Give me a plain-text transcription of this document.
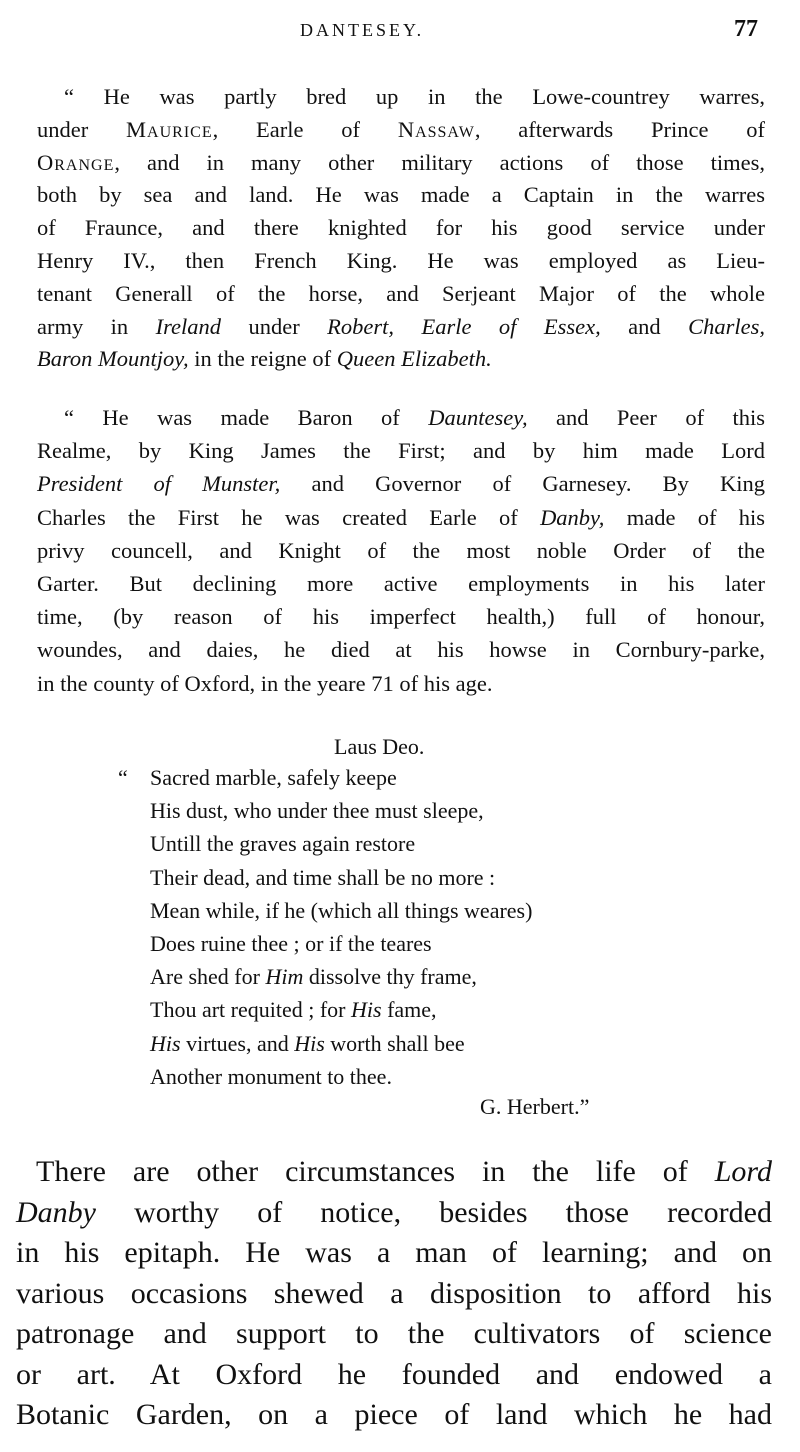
DANTESEY.	77
“ He was partly bred up in the Lowe-countrey warres,
under Maurice, Earle of Nassaw, afterwards Prince of
Orange, and in many other military actions of those times,
both by sea and land. He was made a Captain in the warres
of Fraunce, and there knighted for his good service under
Henry IV., then French King. He was employed as Lieu-
tenant Generall of the horse, and Serjeant Major of the whole
army in Ireland under Robert, Earle of Essex, and Charles,
Baron Mountjoy, in the reigne of Queen Elizabeth.
“ He was made Baron of Dauntesey, and Peer of this
Realme, by King James the First; and by him made Lord
President of Munster, and Governor of Garnesey. By King
Charles the First he was created Earle of Danby, made of his
privy councell, and Knight of the most noble Order of the
Garter. But declining more active employments in his later
time, (by reason of his imperfect health,) full of honour,
woundes, and daies, he died at his howse in Cornbury-parke,
in the county of Oxford, in the yeare 71 of his age.
Laus Deo.
“ Sacred marble, safely keepe
His dust, who under thee must sleepe,
Untill the graves again restore
Their dead, and time shall be no more :
Mean while, if he (which all things weares)
Does ruine thee ; or if the teares
Are shed for Him dissolve thy frame,
Thou art requited ; for His fame,
His virtues, and His worth shall bee
Another monument to thee.
G. Herbert.”
There are other circumstances in the life of Lord
Danby worthy of notice, besides those recorded
in his epitaph. He was a man of learning; and on
various occasions shewed a disposition to afford his
patronage and support to the cultivators of science
or art. At Oxford he founded and endowed a
Botanic Garden, on a piece of land which he had
